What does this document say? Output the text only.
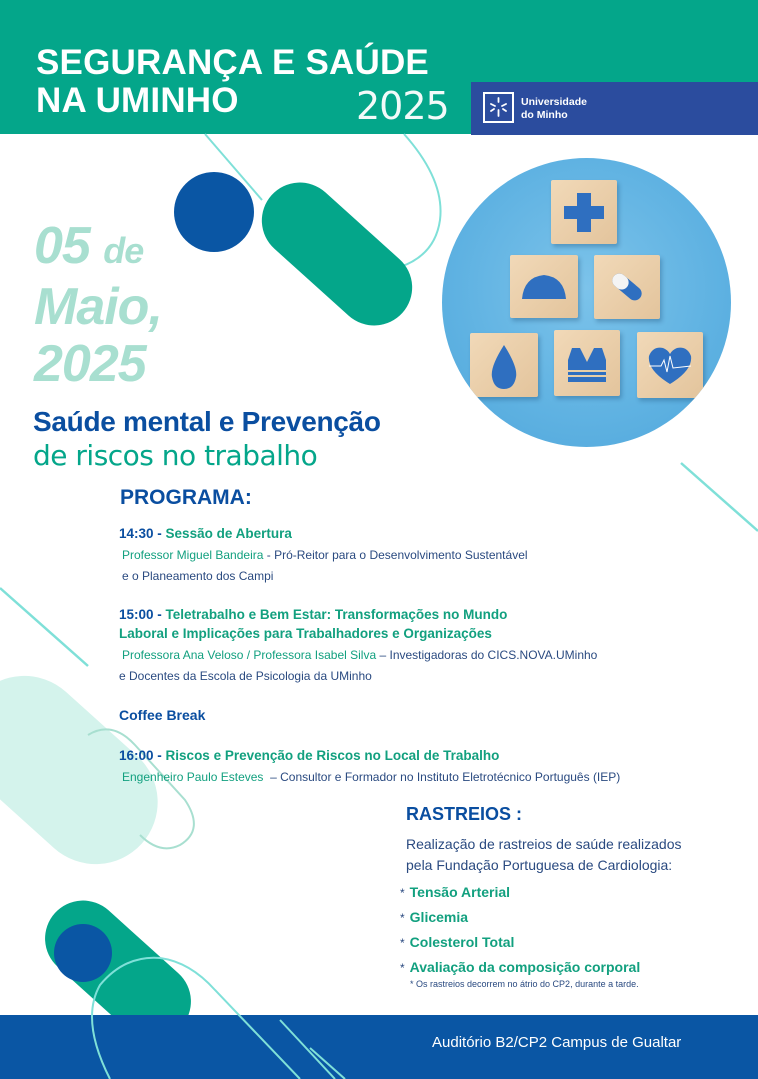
SEGURANÇA E SAÚDE
NA UMINHO	2025	Universidade
do Minho
Auditório B2/CP2 Campus de Gualtar
05 de
Maio,
2025
Saúde mental e Prevenção
de riscos no trabalho
PROGRAMA:
14:30 - Sessão de Abertura
Professor Miguel Bandeira - Pró-Reitor para o Desenvolvimento Sustentável
e o Planeamento dos Campi
15:00 - Teletrabalho e Bem Estar: Transformações no Mundo
Laboral e Implicações para Trabalhadores e Organizações
Professora Ana Veloso / Professora Isabel Silva – Investigadoras do CICS.NOVA.UMinho
e Docentes da Escola de Psicologia da UMinho
Coffee Break
16:00 - Riscos e Prevenção de Riscos no Local de Trabalho
Engenheiro Paulo Esteves  – Consultor e Formador no Instituto Eletrotécnico Português (IEP)
RASTREIOS :
Realização de rastreios de saúde realizados
pela Fundação Portuguesa de Cardiologia:
* Tensão Arterial
* Glicemia
* Colesterol Total
* Avaliação da composição corporal
* Os rastreios decorrem no átrio do CP2, durante a tarde.
